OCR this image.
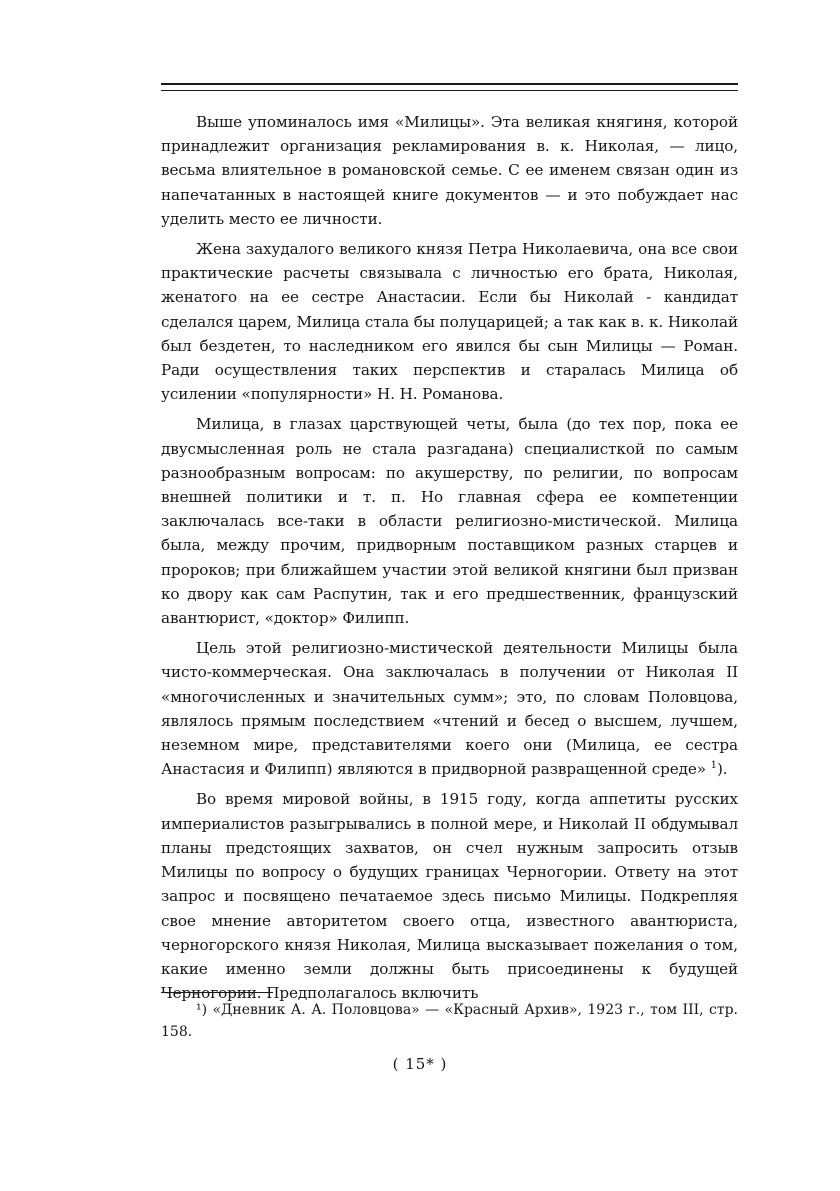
Выше упоминалось имя «Милицы». Эта великая княгиня, которой принадлежит организация рекламирования в. к. Николая, — лицо, весьма влиятельное в романовской семье. С ее именем связан один из напечатанных в настоящей книге документов — и это побуждает нас уделить место ее личности.

Жена захудалого великого князя Петра Николаевича, она все свои практические расчеты связывала с личностью его брата, Николая, женатого на ее сестре Анастасии. Если бы Николай - кандидат сделался царем, Милица стала бы полуцарицей; а так как в. к. Николай был бездетен, то наследником его явился бы сын Милицы — Роман. Ради осуществления таких перспектив и старалась Милица об усилении «популярности» Н. Н. Романова.

Милица, в глазах царствующей четы, была (до тех пор, пока ее двусмысленная роль не стала разгадана) специалисткой по самым разнообразным вопросам: по акушерству, по религии, по вопросам внешней политики и т. п. Но главная сфера ее компетенции заключалась все-таки в области религиозно-мистической. Милица была, между прочим, придворным поставщиком разных старцев и пророков; при ближайшем участии этой великой княгини был призван ко двору как сам Распутин, так и его предшественник, французский авантюрист, «доктор» Филипп.

Цель этой религиозно-мистической деятельности Милицы была чисто-коммерческая. Она заключалась в получении от Николая II «многочисленных и значительных сумм»; это, по словам Половцова, являлось прямым последствием «чтений и бесед о высшем, лучшем, неземном мире, представителями коего они (Милица, ее сестра Анастасия и Филипп) являются в придворной развращенной среде» $^1$).

Во время мировой войны, в 1915 году, когда аппетиты русских империалистов разыгрывались в полной мере, и Николай II обдумывал планы предстоящих захватов, он счел нужным запросить отзыв Милицы по вопросу о будущих границах Черногории. Ответу на этот запрос и посвящено печатаемое здесь письмо Милицы. Подкрепляя свое мнение авторитетом своего отца, известного авантюриста, черногорского князя Николая, Милица высказывает пожелания о том, какие именно земли должны быть присоединены к будущей Черногории. Предполагалось включить

¹) «Дневник А. А. Половцова» — «Красный Архив», 1923 г., том III, стр. 158.

( 15* )
